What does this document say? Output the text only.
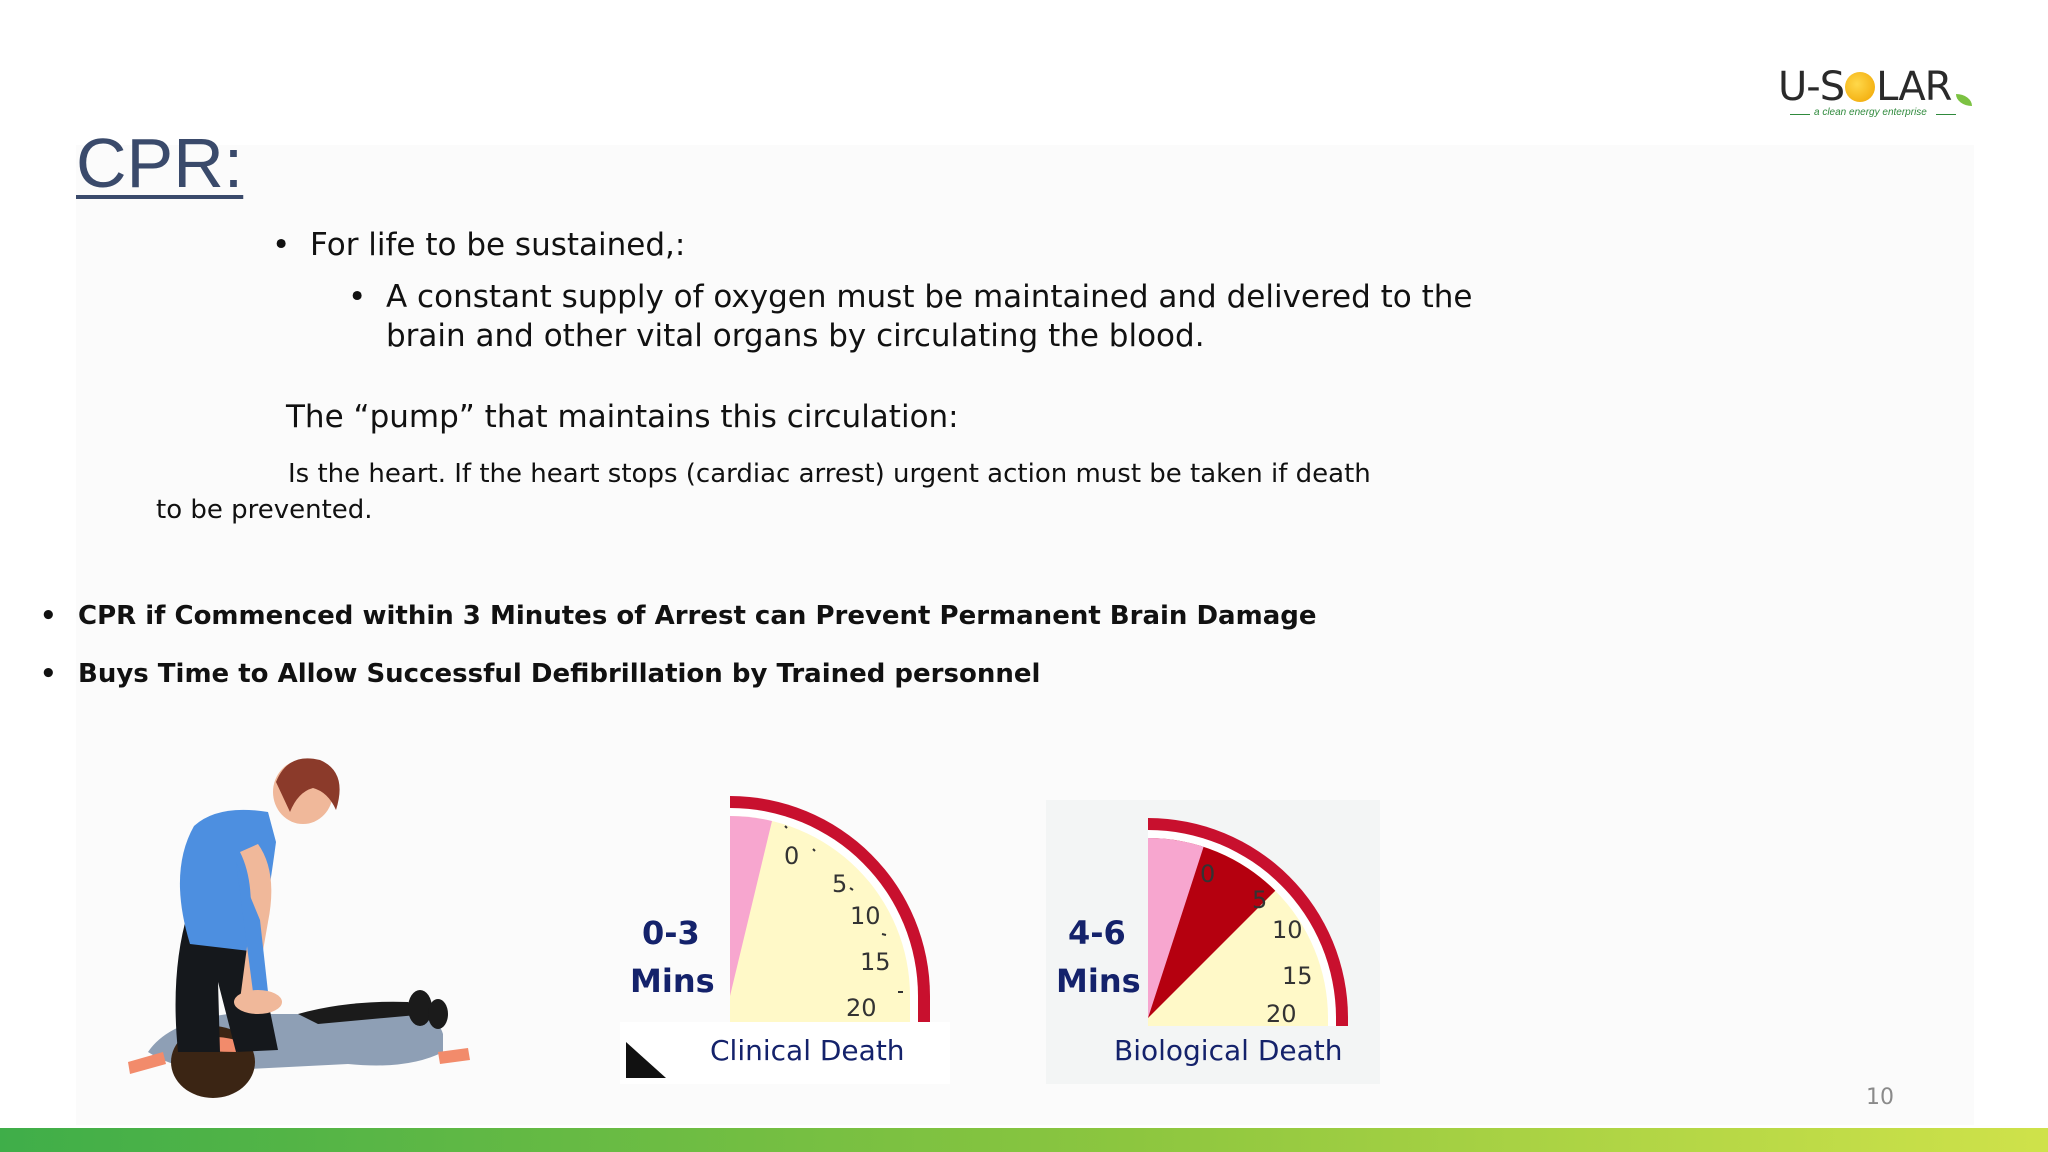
U-S LAR
a clean energy enterprise
CPR:
• For life to be sustained,:
• A constant supply of oxygen must be maintained and delivered to the
brain and other vital organs by circulating the blood.
The “pump” that maintains this circulation:
Is the heart. If the heart stops (cardiac arrest) urgent action must be taken if death
to be prevented.
• CPR if Commenced within 3 Minutes of Arrest can Prevent Permanent Brain Damage
• Buys Time to Allow Successful Defibrillation by Trained personnel
0
5
10
15
20
0-3
Mins
Clinical Death
0
5
10
15
20
4-6
Mins
Biological Death
10
